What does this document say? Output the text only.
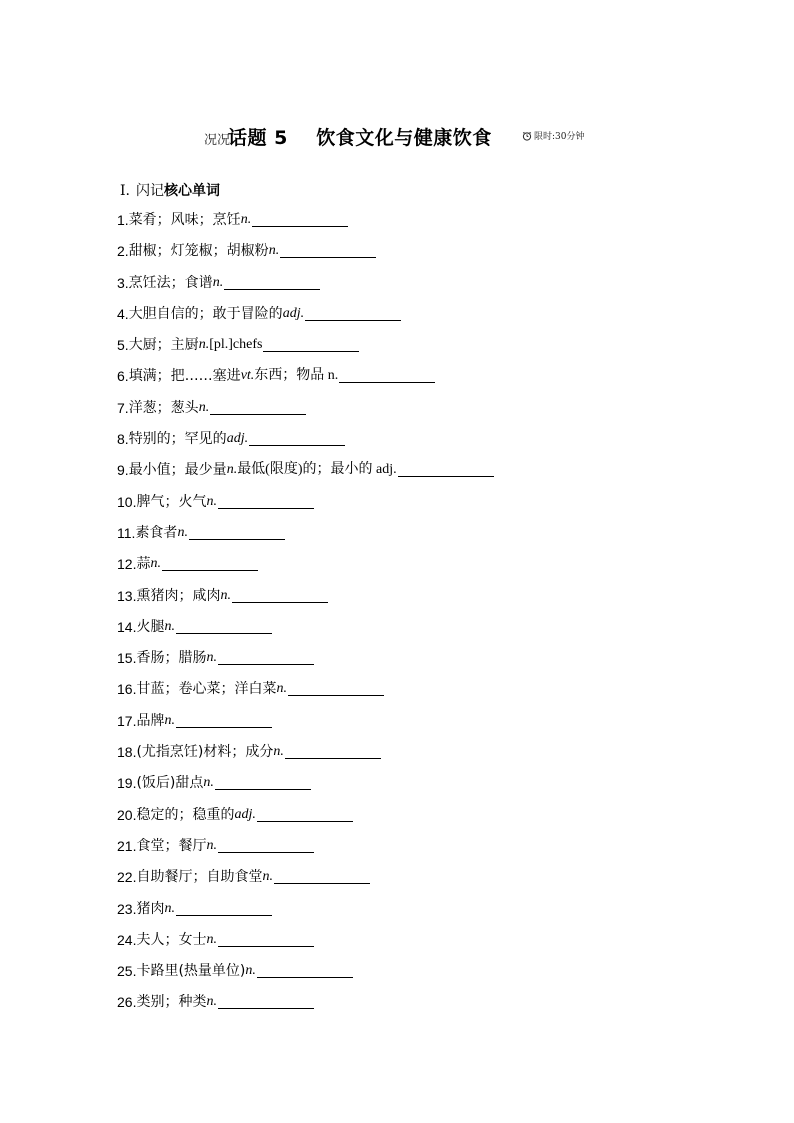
况况
话题 5    饮食文化与健康饮食	限时:30分钟
Ⅰ. 闪记核心单词
1. 菜肴；风味；烹饪 n.
2. 甜椒；灯笼椒；胡椒粉 n.
3. 烹饪法；食谱 n.
4. 大胆自信的；敢于冒险的 adj.
5. 大厨；主厨 n. [pl.]chefs
6. 填满；把……塞进 vt. 东西；物品 n.
7. 洋葱；葱头 n.
8. 特别的；罕见的 adj.
9. 最小值；最少量 n. 最低(限度)的；最小的 adj.
10. 脾气；火气 n.
11. 素食者 n.
12. 蒜 n.
13. 熏猪肉；咸肉 n.
14. 火腿 n.
15. 香肠；腊肠 n.
16. 甘蓝；卷心菜；洋白菜 n.
17. 品牌 n.
18. (尤指烹饪)材料；成分 n.
19. (饭后)甜点 n.
20. 稳定的；稳重的 adj.
21. 食堂；餐厅 n.
22. 自助餐厅；自助食堂 n.
23. 猪肉 n.
24. 夫人；女士 n.
25. 卡路里(热量单位) n.
26. 类别；种类 n.
